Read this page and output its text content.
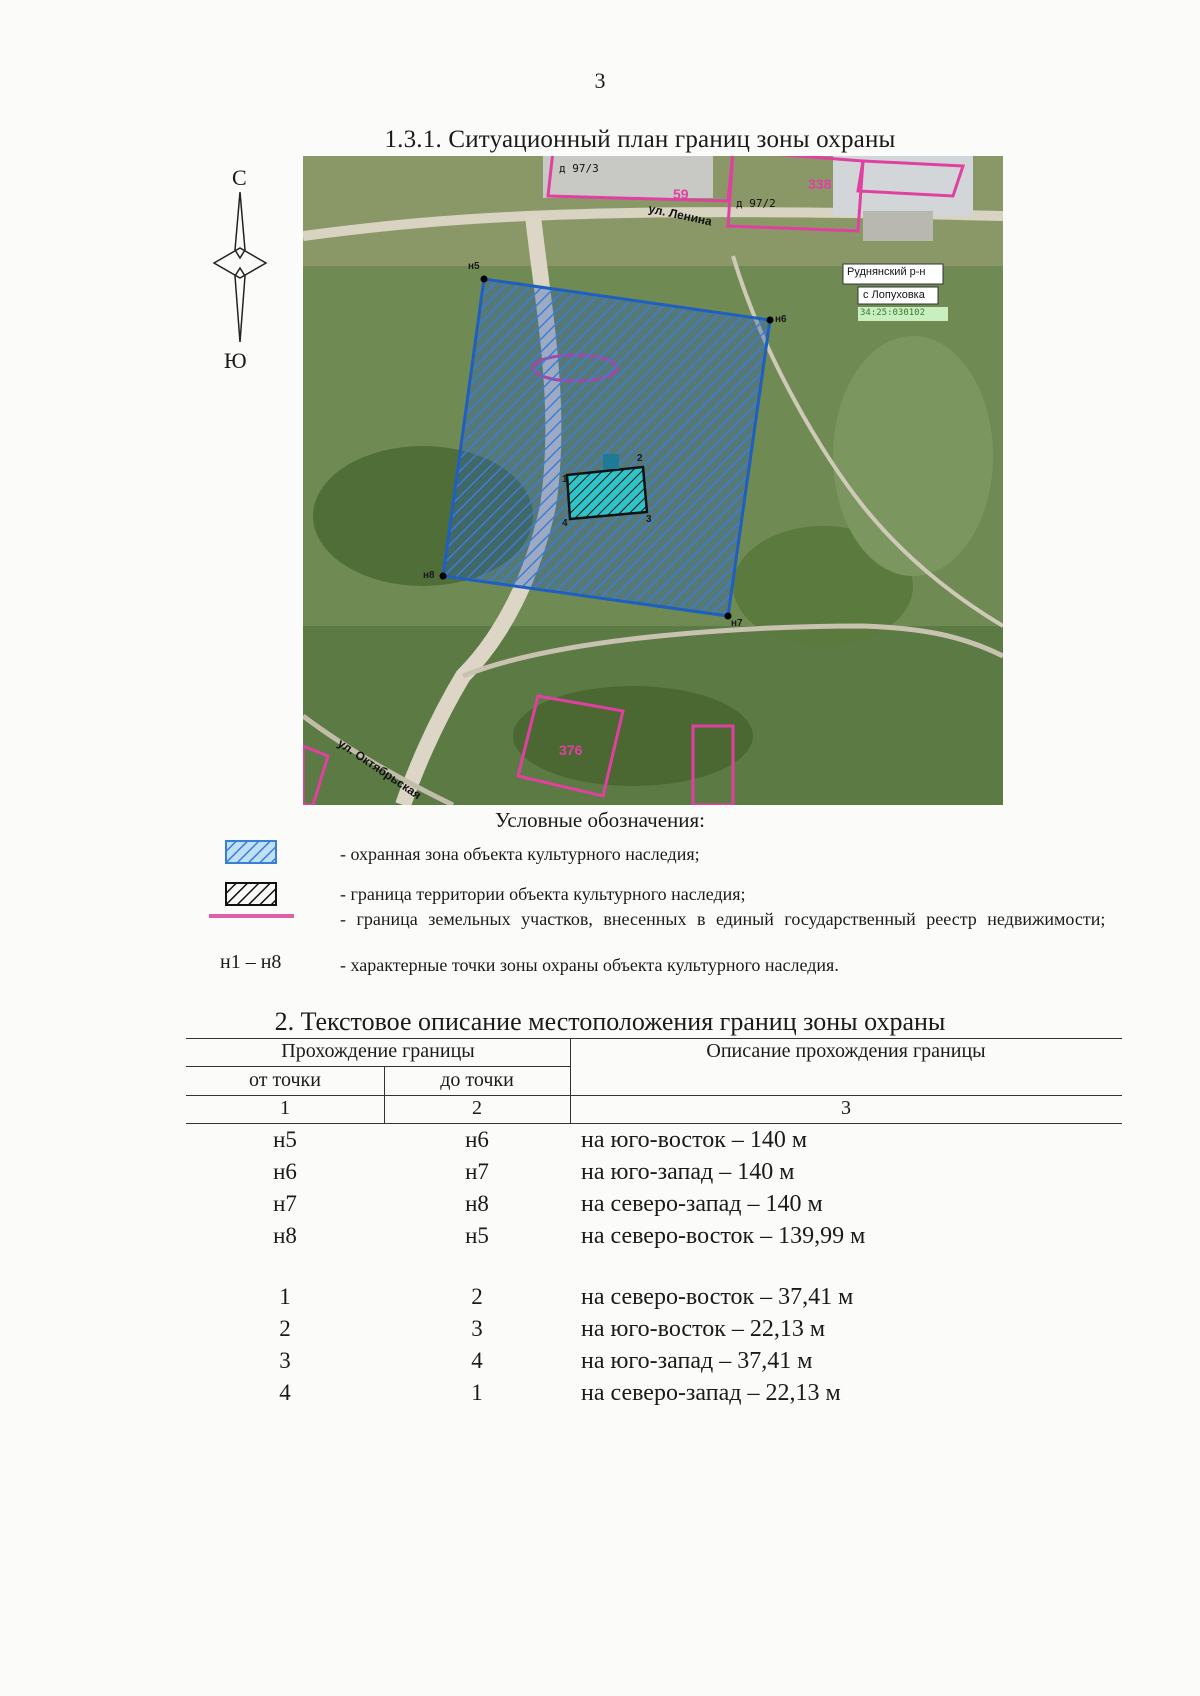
3
1.3.1. Ситуационный план границ зоны охраны
С
Ю
д 97/3
д 97/2
59
338
376
ул. Ленина
ул. Октябрьская
Руднянский р-н
с Лопуховка
34:25:030102
н5
н6
н7
н8
1
2
3
4
Условные обозначения:
- охранная зона объекта культурного наследия;
- граница территории объекта культурного наследия;
- граница земельных участков, внесенных в единый государственный реестр недвижимости;
н1 – н8	- характерные точки зоны охраны объекта культурного наследия.
2. Текстовое описание местоположения границ зоны охраны
Прохождение границы	Описание прохождения границы
от точки	до точки
1	2	3
н5	н6	на юго-восток – 140 м
н6	н7	на юго-запад – 140 м
н7	н8	на северо-запад – 140 м
н8	н5	на северо-восток – 139,99 м
1	2	на северо-восток – 37,41 м
2	3	на юго-восток – 22,13 м
3	4	на юго-запад – 37,41 м
4	1	на северо-запад – 22,13 м
